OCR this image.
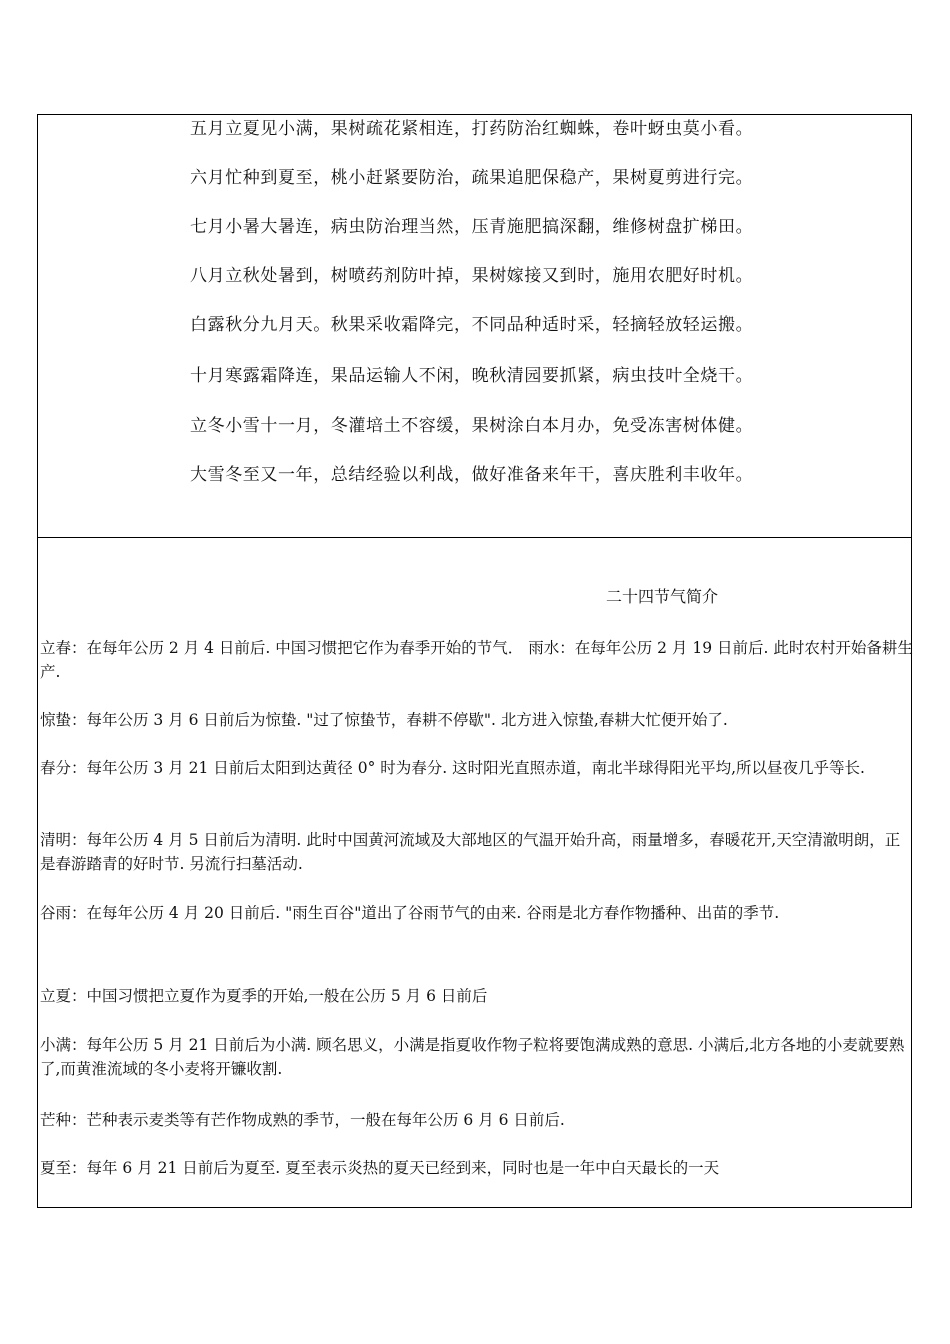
五月立夏见小满，果树疏花紧相连，打药防治红蜘蛛，卷叶蚜虫莫小看。
六月忙种到夏至，桃小赶紧要防治，疏果追肥保稳产，果树夏剪进行完。
七月小暑大暑连，病虫防治理当然，压青施肥搞深翻，维修树盘扩梯田。
八月立秋处暑到，树喷药剂防叶掉，果树嫁接又到时，施用农肥好时机。
白露秋分九月天。秋果采收霜降完，不同品种适时采，轻摘轻放轻运搬。
十月寒露霜降连，果品运输人不闲，晚秋清园要抓紧，病虫技叶全烧干。
立冬小雪十一月，冬灌培土不容缓，果树涂白本月办，免受冻害树体健。
大雪冬至又一年，总结经验以利战，做好准备来年干，喜庆胜利丰收年。
二十四节气简介
立春：在每年公历 2 月 4 日前后. 中国习惯把它作为春季开始的节气． 雨水：在每年公历 2 月 19 日前后. 此时农村开始备耕生产.
惊蛰：每年公历 3 月 6 日前后为惊蛰. "过了惊蛰节，春耕不停歇". 北方进入惊蛰,春耕大忙便开始了.
春分：每年公历 3 月 21 日前后太阳到达黄径 0° 时为春分. 这时阳光直照赤道，南北半球得阳光平均,所以昼夜几乎等长.
清明：每年公历 4 月 5 日前后为清明. 此时中国黄河流域及大部地区的气温开始升高，雨量增多，春暖花开,天空清澈明朗，正是春游踏青的好时节. 另流行扫墓活动.
谷雨：在每年公历 4 月 20 日前后. "雨生百谷"道出了谷雨节气的由来. 谷雨是北方春作物播种、出苗的季节.
立夏：中国习惯把立夏作为夏季的开始,一般在公历 5 月 6 日前后
小满：每年公历 5 月 21 日前后为小满. 顾名思义，小满是指夏收作物子粒将要饱满成熟的意思. 小满后,北方各地的小麦就要熟了,而黄淮流域的冬小麦将开镰收割.
芒种：芒种表示麦类等有芒作物成熟的季节，一般在每年公历 6 月 6 日前后.
夏至：每年 6 月 21 日前后为夏至. 夏至表示炎热的夏天已经到来，同时也是一年中白天最长的一天
